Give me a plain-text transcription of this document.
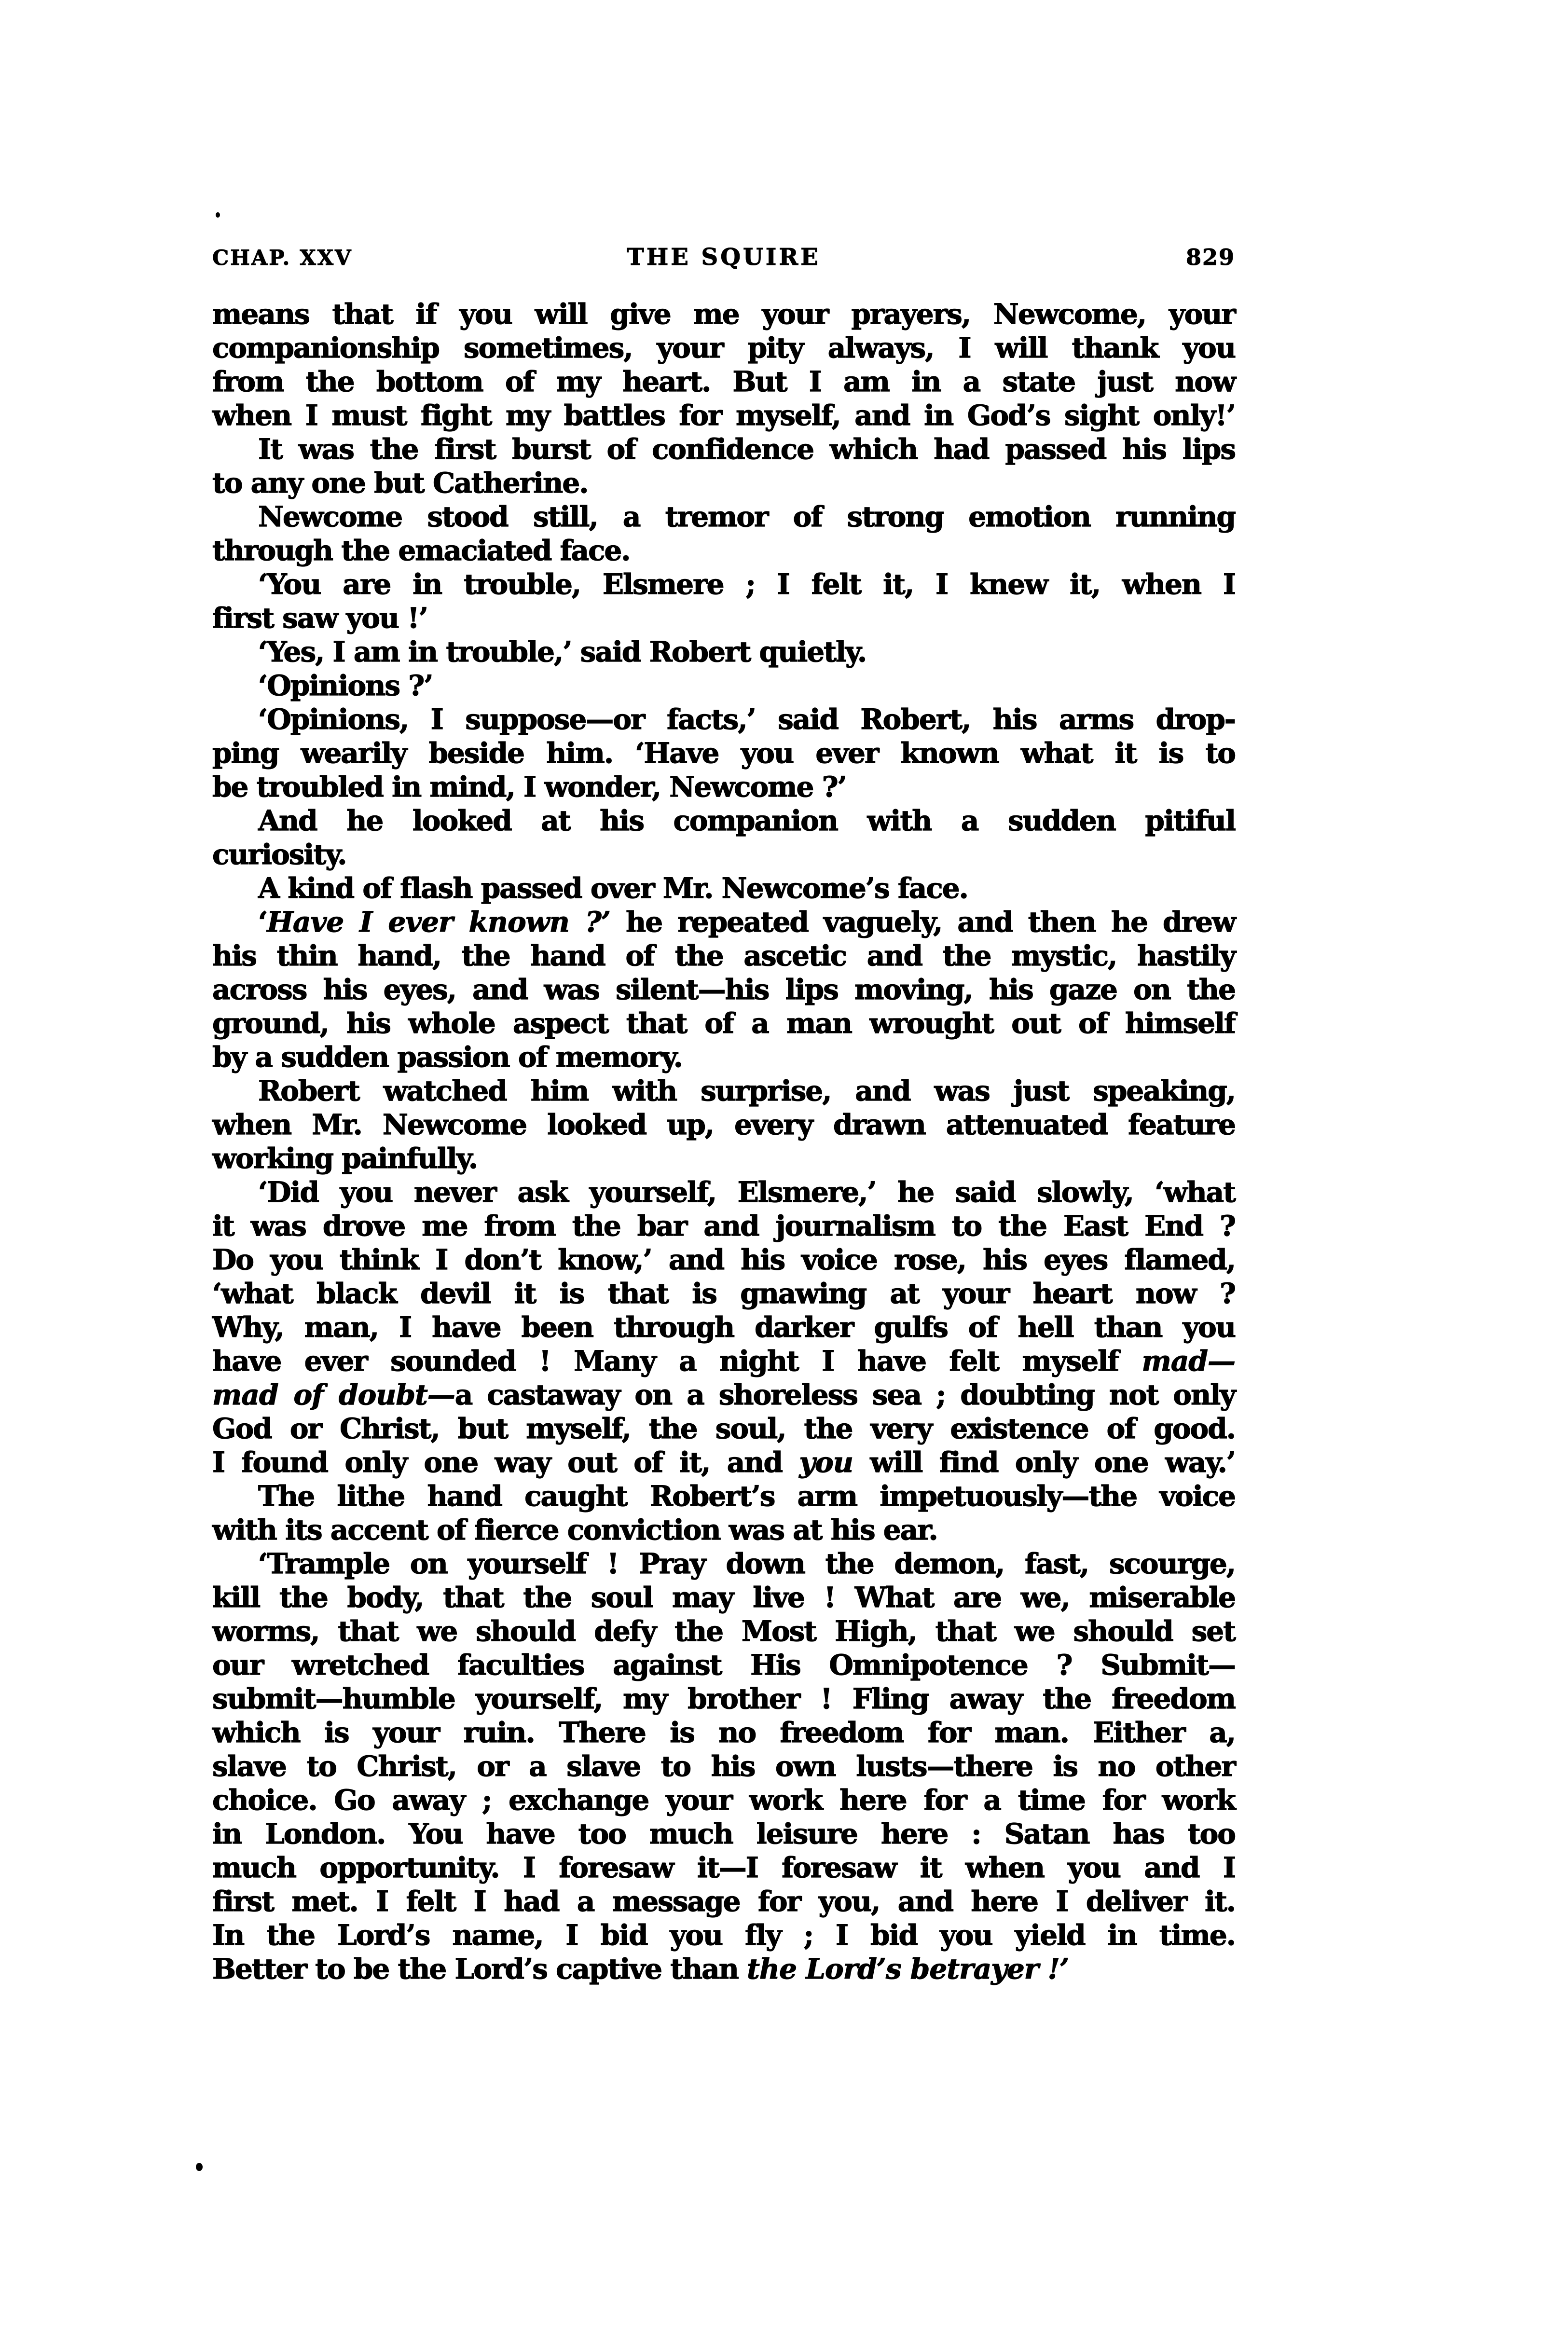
CHAP. XXV	THE SQUIRE	829
means that if you will give me your prayers, Newcome, your
companionship sometimes, your pity always, I will thank you
from the bottom of my heart. But I am in a state just now
when I must fight my battles for myself, and in God’s sight only!’
It was the first burst of confidence which had passed his lips
to any one but Catherine.
Newcome stood still, a tremor of strong emotion running
through the emaciated face.
‘You are in trouble, Elsmere ; I felt it, I knew it, when I
first saw you !’
‘Yes, I am in trouble,’ said Robert quietly.
‘Opinions ?’
‘Opinions, I suppose—or facts,’ said Robert, his arms drop-
ping wearily beside him. ‘Have you ever known what it is to
be troubled in mind, I wonder, Newcome ?’
And he looked at his companion with a sudden pitiful
curiosity.
A kind of flash passed over Mr. Newcome’s face.
‘Have I ever known ?’ he repeated vaguely, and then he drew
his thin hand, the hand of the ascetic and the mystic, hastily
across his eyes, and was silent—his lips moving, his gaze on the
ground, his whole aspect that of a man wrought out of himself
by a sudden passion of memory.
Robert watched him with surprise, and was just speaking,
when Mr. Newcome looked up, every drawn attenuated feature
working painfully.
‘Did you never ask yourself, Elsmere,’ he said slowly, ‘what
it was drove me from the bar and journalism to the East End ?
Do you think I don’t know,’ and his voice rose, his eyes flamed,
‘what black devil it is that is gnawing at your heart now ?
Why, man, I have been through darker gulfs of hell than you
have ever sounded ! Many a night I have felt myself mad—
mad of doubt—a castaway on a shoreless sea ; doubting not only
God or Christ, but myself, the soul, the very existence of good.
I found only one way out of it, and you will find only one way.’
The lithe hand caught Robert’s arm impetuously—the voice
with its accent of fierce conviction was at his ear.
‘Trample on yourself ! Pray down the demon, fast, scourge,
kill the body, that the soul may live ! What are we, miserable
worms, that we should defy the Most High, that we should set
our wretched faculties against His Omnipotence ? Submit—
submit—humble yourself, my brother ! Fling away the freedom
which is your ruin. There is no freedom for man. Either a,
slave to Christ, or a slave to his own lusts—there is no other
choice. Go away ; exchange your work here for a time for work
in London. You have too much leisure here : Satan has too
much opportunity. I foresaw it—I foresaw it when you and I
first met. I felt I had a message for you, and here I deliver it.
In the Lord’s name, I bid you fly ; I bid you yield in time.
Better to be the Lord’s captive than the Lord’s betrayer !’
